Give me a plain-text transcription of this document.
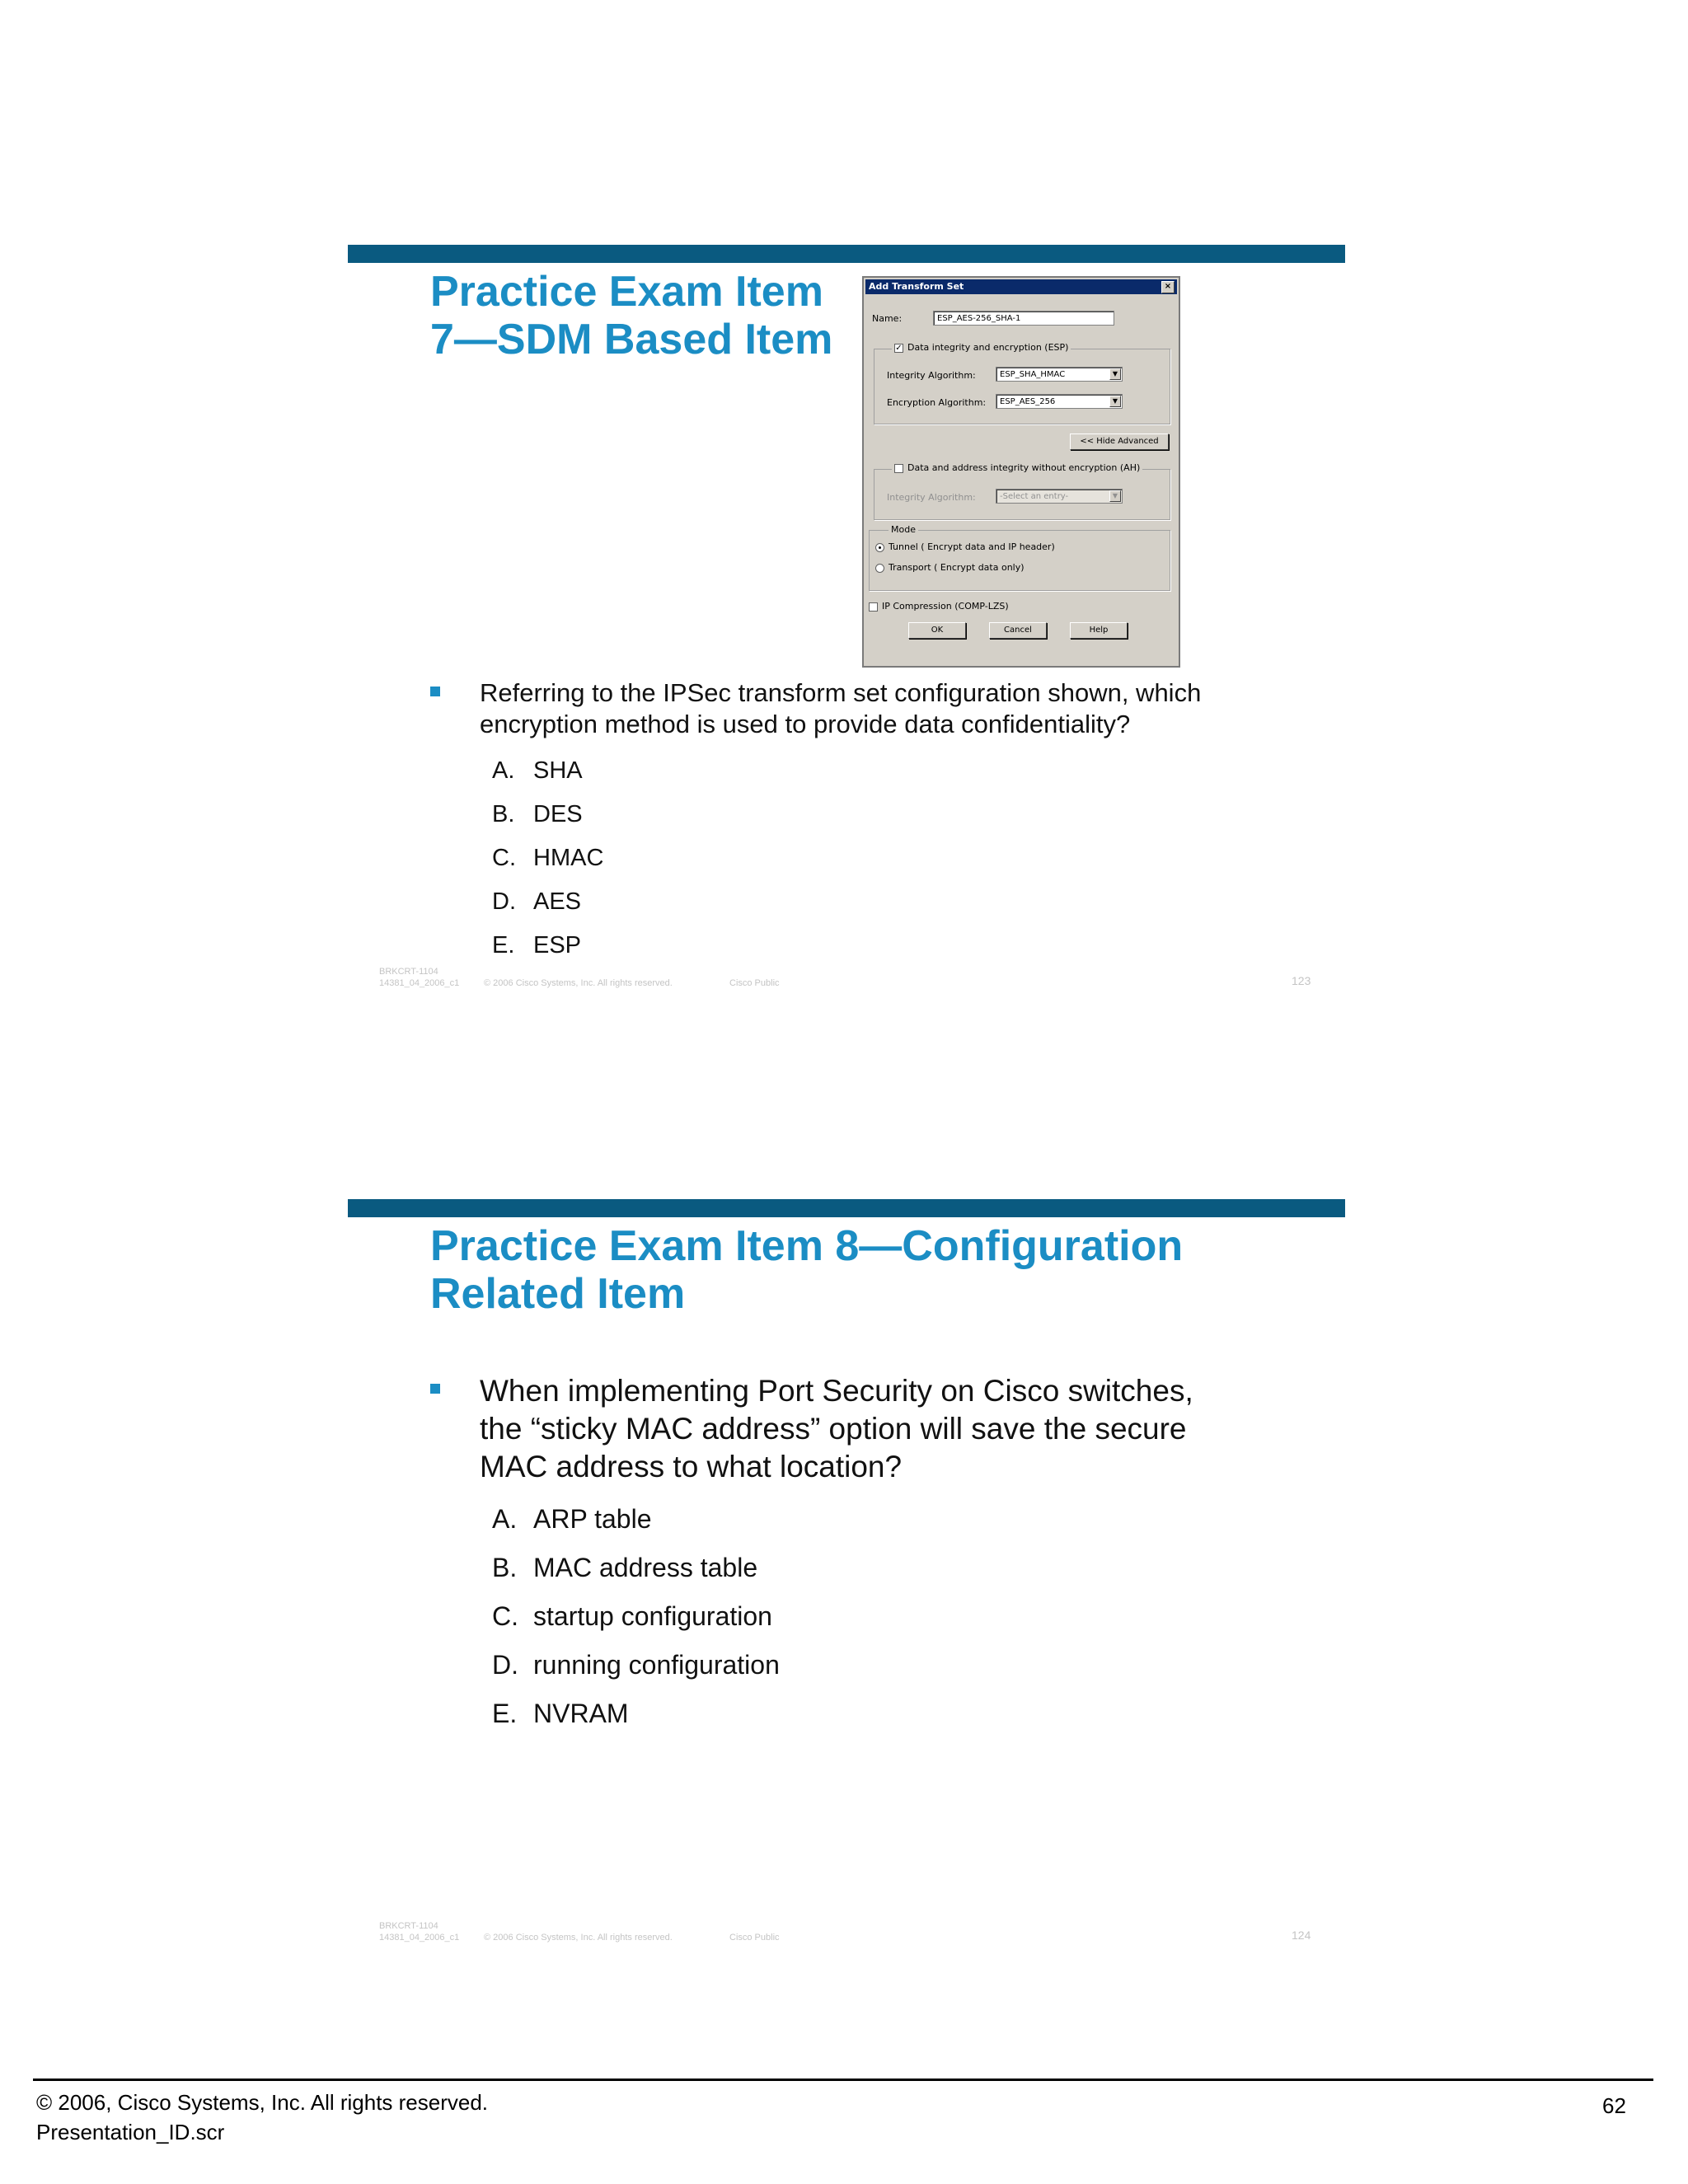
Practice Exam Item
7—SDM Based Item
Referring to the IPSec transform set configuration shown, which
encryption method is used to provide data confidentiality?
A. SHA
B. DES
C. HMAC
D. AES
E. ESP
BRKCRT-1104
14381_04_2006_c1	© 2006 Cisco Systems, Inc. All rights reserved.	Cisco Public	123
Add Transform Set	×
Name:	ESP_AES-256_SHA-1
✓ Data integrity and encryption (ESP)
Integrity Algorithm:	ESP_SHA_HMAC	▼
Encryption Algorithm:	ESP_AES_256	▼
<< Hide Advanced
Data and address integrity without encryption (AH)
Integrity Algorithm:	-Select an entry-	▼
Mode
Tunnel ( Encrypt data and IP header)
Transport ( Encrypt data only)
IP Compression (COMP-LZS)
OK	Cancel	Help
Practice Exam Item 8—Configuration
Related Item
When implementing Port Security on Cisco switches,
the “sticky MAC address” option will save the secure
MAC address to what location?
A. ARP table
B. MAC address table
C. startup configuration
D. running configuration
E. NVRAM
BRKCRT-1104
14381_04_2006_c1	© 2006 Cisco Systems, Inc. All rights reserved.	Cisco Public	124
© 2006, Cisco Systems, Inc. All rights reserved.
Presentation_ID.scr
62
